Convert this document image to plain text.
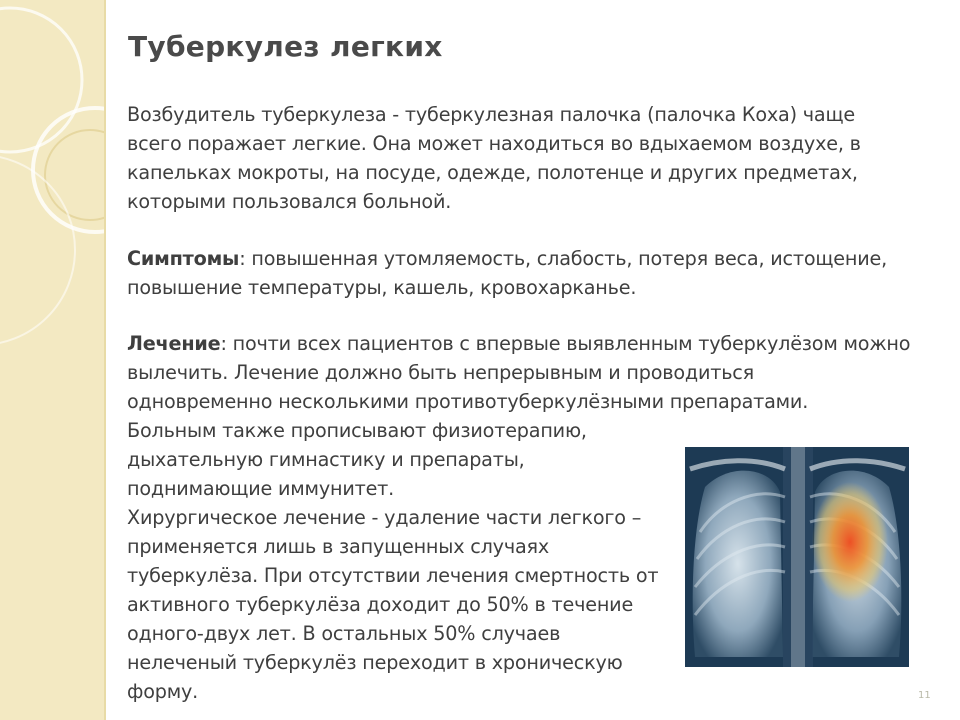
Туберкулез легких
Возбудитель туберкулеза - туберкулезная палочка (палочка Коха) чаще
всего поражает легкие. Она может находиться во вдыхаемом воздухе, в
капельках мокроты, на посуде, одежде, полотенце и других предметах,
которыми пользовался больной.
Симптомы: повышенная утомляемость, слабость, потеря веса, истощение,
повышение температуры, кашель, кровохарканье.
Лечение: почти всех пациентов с впервые выявленным туберкулёзом можно
вылечить. Лечение должно быть непрерывным и проводиться
одновременно несколькими противотуберкулёзными препаратами.
Больным также прописывают физиотерапию,
дыхательную гимнастику и препараты,
поднимающие иммунитет.
Хирургическое лечение - удаление части легкого –
применяется лишь в запущенных случаях
туберкулёза. При отсутствии лечения смертность от
активного туберкулёза доходит до 50% в течение
одного-двух лет. В остальных 50% случаев
нелеченый туберкулёз переходит в хроническую
форму.	11
